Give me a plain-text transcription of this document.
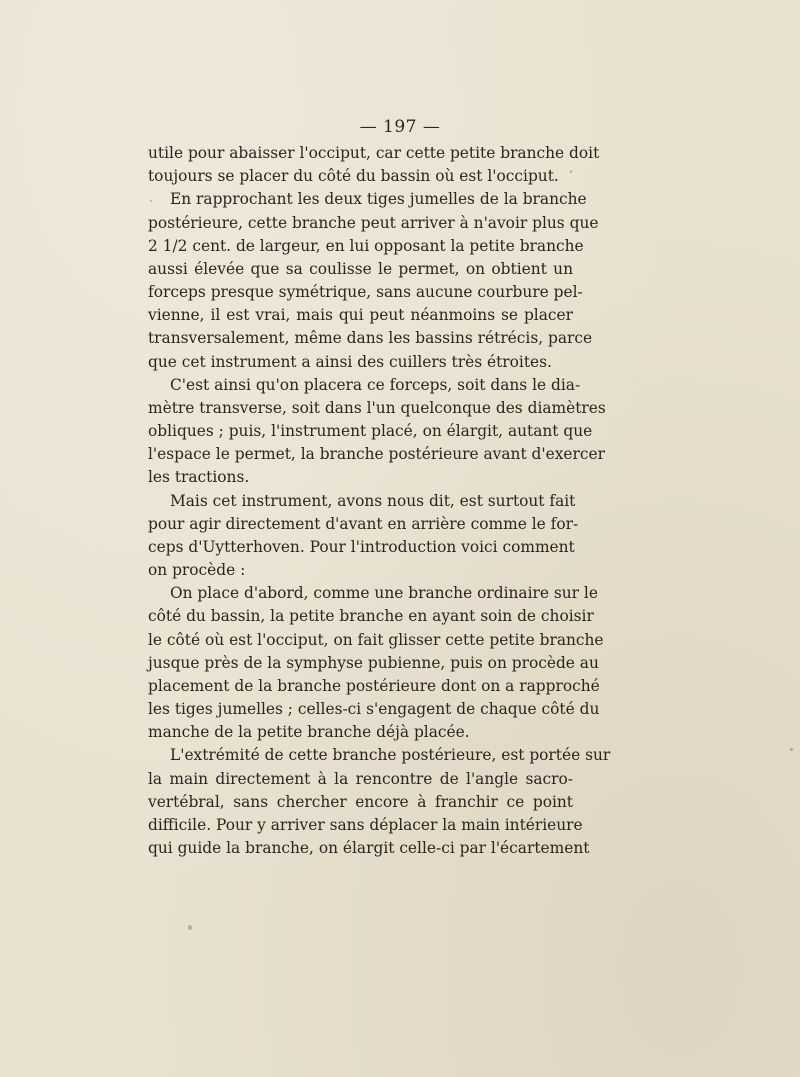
— 197 —
utile pour abaisser l'occiput, car cette petite branche doit
toujours se placer du côté du bassin où est l'occiput.
En rapprochant les deux tiges jumelles de la branche
postérieure, cette branche peut arriver à n'avoir plus que
2 1/2 cent. de largeur, en lui opposant la petite branche
aussi élevée que sa coulisse le permet, on obtient un
forceps presque symétrique, sans aucune courbure pel-
vienne, il est vrai, mais qui peut néanmoins se placer
transversalement, même dans les bassins rétrécis, parce
que cet instrument a ainsi des cuillers très étroites.
C'est ainsi qu'on placera ce forceps, soit dans le dia-
mètre transverse, soit dans l'un quelconque des diamètres
obliques ; puis, l'instrument placé, on élargit, autant que
l'espace le permet, la branche postérieure avant d'exercer
les tractions.
Mais cet instrument, avons nous dit, est surtout fait
pour agir directement d'avant en arrière comme le for-
ceps d'Uytterhoven. Pour l'introduction voici comment
on procède :
On place d'abord, comme une branche ordinaire sur le
côté du bassin, la petite branche en ayant soin de choisir
le côté où est l'occiput, on fait glisser cette petite branche
jusque près de la symphyse pubienne, puis on procède au
placement de la branche postérieure dont on a rapproché
les tiges jumelles ; celles-ci s'engagent de chaque côté du
manche de la petite branche déjà placée.
L'extrémité de cette branche postérieure, est portée sur
la main directement à la rencontre de l'angle sacro-
vertébral, sans chercher encore à franchir ce point
difficile. Pour y arriver sans déplacer la main intérieure
qui guide la branche, on élargit celle-ci par l'écartement
